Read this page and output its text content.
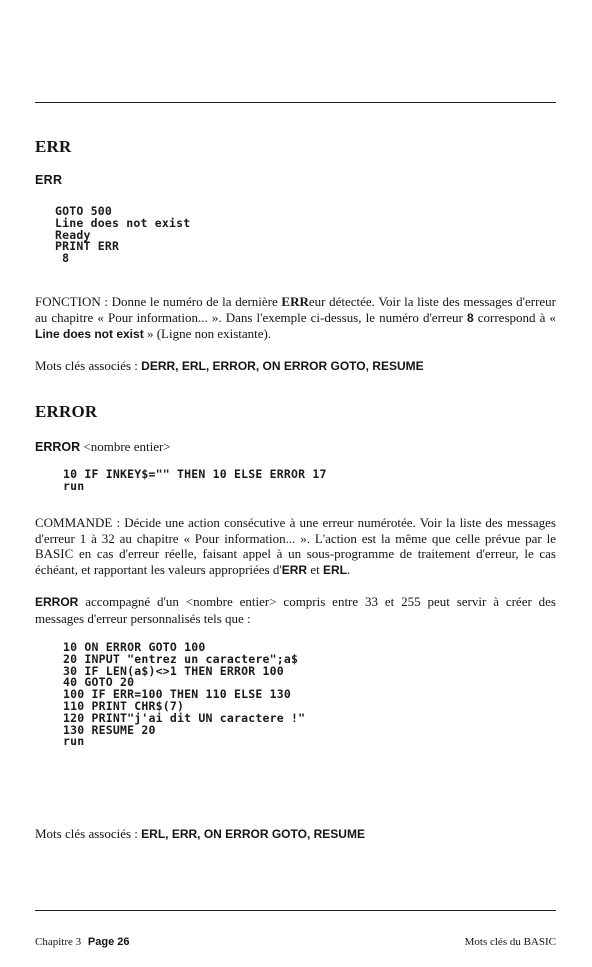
ERR
ERR
GOTO 500
Line does not exist
Ready
PRINT ERR
8

FONCTION : Donne le numéro de la dernière ERReur détectée. Voir la liste des messages d'erreur au chapitre « Pour information... ». Dans l'exemple ci-dessus, le numéro d'erreur 8 correspond à « Line does not exist » (Ligne non existante).

Mots clés associés : DERR, ERL, ERROR, ON ERROR GOTO, RESUME

ERROR
ERROR <nombre entier>
10 IF INKEY$="" THEN 10 ELSE ERROR 17
run

COMMANDE : Décide une action consécutive à une erreur numérotée. Voir la liste des messages d'erreur 1 à 32 au chapitre « Pour information... ». L'action est la même que celle prévue par le BASIC en cas d'erreur réelle, faisant appel à un sous-programme de traitement d'erreur, le cas échéant, et rapportant les valeurs appropriées d'ERR et ERL.

ERROR accompagné d'un <nombre entier> compris entre 33 et 255 peut servir à créer des messages d'erreur personnalisés tels que :

10 ON ERROR GOTO 100
20 INPUT "entrez un caractere";a$
30 IF LEN(a$)<>1 THEN ERROR 100
40 GOTO 20
100 IF ERR=100 THEN 110 ELSE 130
110 PRINT CHR$(7)
120 PRINT"j'ai dit UN caractere !"
130 RESUME 20
run

Mots clés associés : ERL, ERR, ON ERROR GOTO, RESUME

Chapitre 3 Page 26	Mots clés du BASIC
